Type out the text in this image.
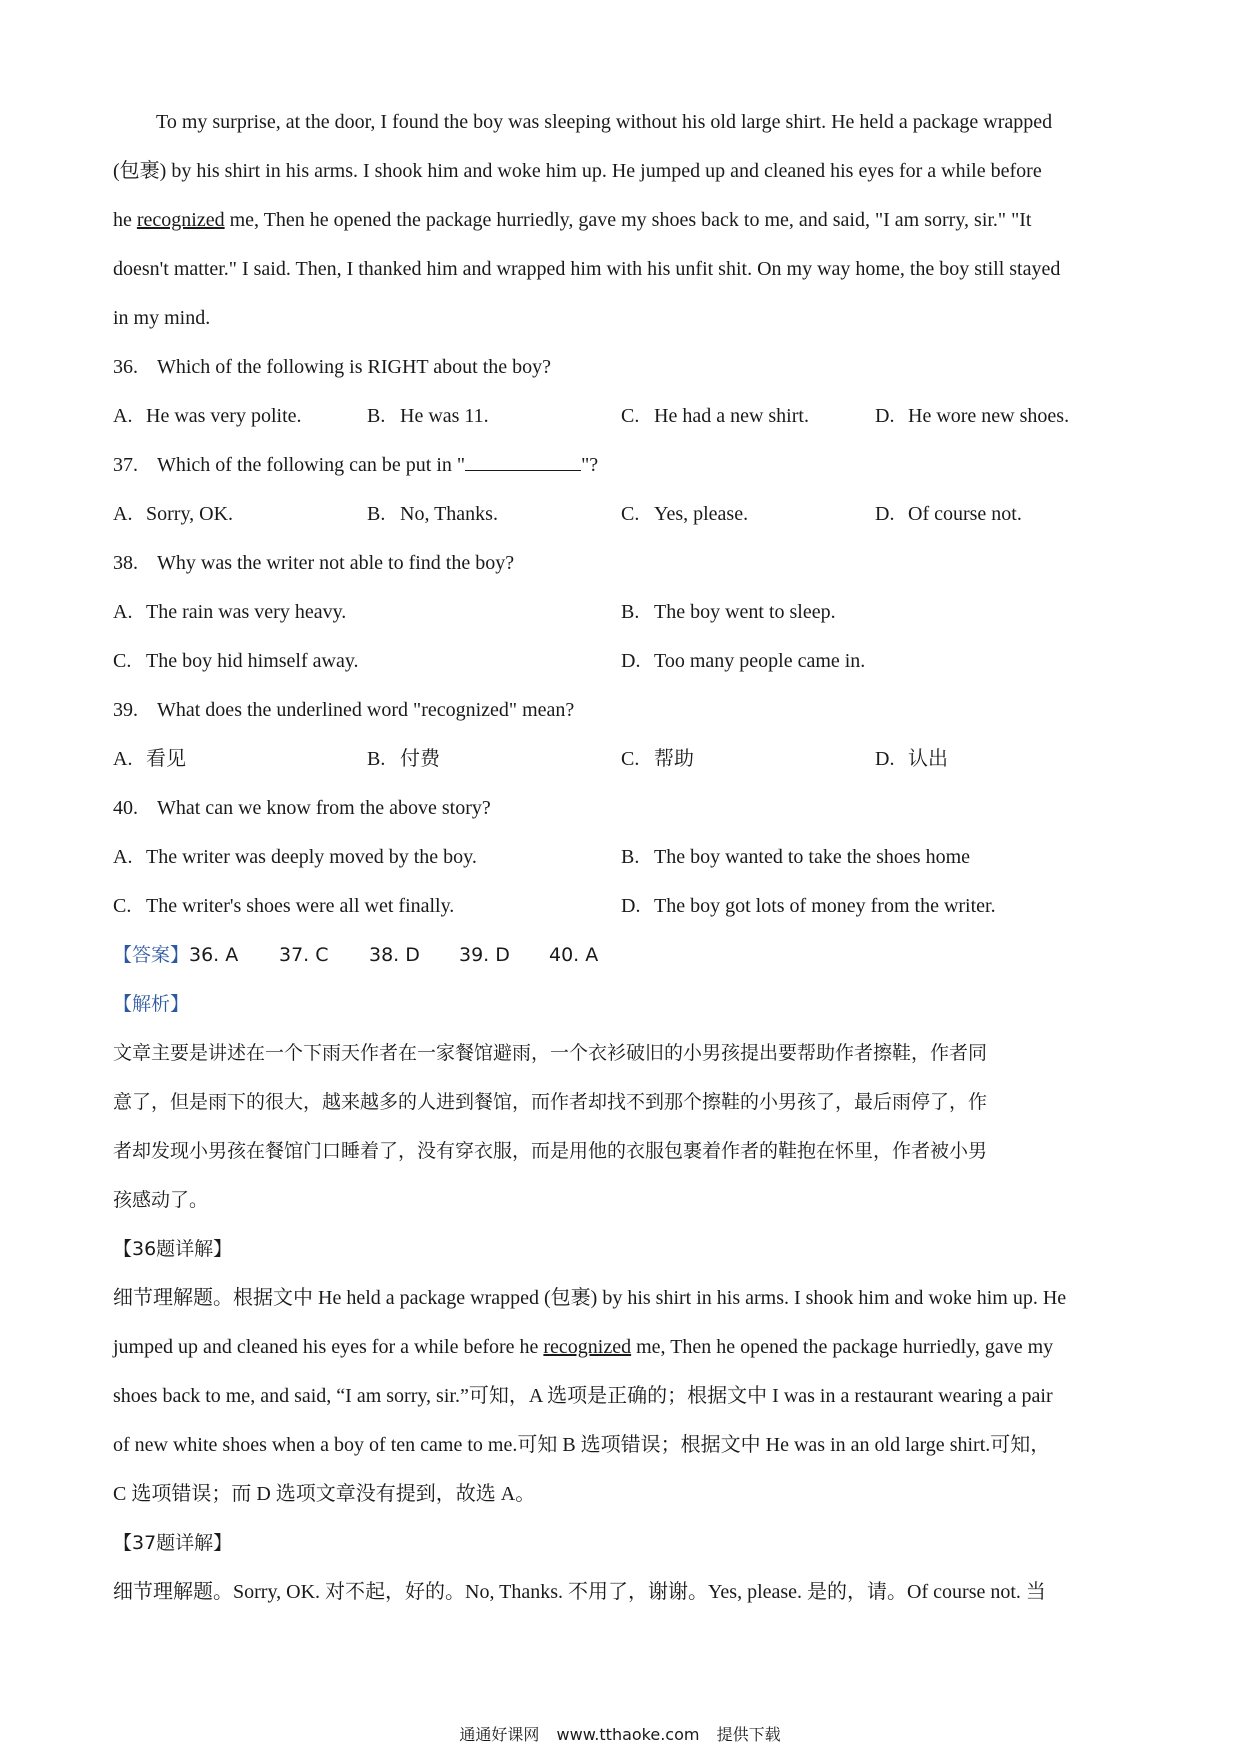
To my surprise, at the door, I found the boy was sleeping without his old large shirt. He held a package wrapped
(包裹) by his shirt in his arms. I shook him and woke him up. He jumped up and cleaned his eyes for a while before
he recognized me, Then he opened the package hurriedly, gave my shoes back to me, and said, "I am sorry, sir." "It
doesn't matter." I said. Then, I thanked him and wrapped him with his unfit shit. On my way home, the boy still stayed
in my mind.

36. Which of the following is RIGHT about the boy?
A. He was very polite.	B. He was 11.	C. He had a new shirt.	D. He wore new shoes.
37. Which of the following can be put in "	"?
A. Sorry, OK.	B. No, Thanks.	C. Yes, please.	D. Of course not.
38. Why was the writer not able to find the boy?
A. The rain was very heavy.	B. The boy went to sleep.
C. The boy hid himself away.	D. Too many people came in.
39. What does the underlined word "recognized" mean?
A. 看见	B. 付费	C. 帮助	D. 认出
40. What can we know from the above story?
A. The writer was deeply moved by the boy.	B. The boy wanted to take the shoes home
C. The writer's shoes were all wet finally.	D. The boy got lots of money from the writer.
【答案】 36. A 37. C 38. D 39. D 40. A
【解析】
文章主要是讲述在一个下雨天作者在一家餐馆避雨，一个衣衫破旧的小男孩提出要帮助作者擦鞋，作者同
意了，但是雨下的很大，越来越多的人进到餐馆，而作者却找不到那个擦鞋的小男孩了，最后雨停了，作
者却发现小男孩在餐馆门口睡着了，没有穿衣服，而是用他的衣服包裹着作者的鞋抱在怀里，作者被小男
孩感动了。
【36题详解】
细节理解题。根据文中 He held a package wrapped (包裹) by his shirt in his arms. I shook him and woke him up. He
jumped up and cleaned his eyes for a while before he recognized me, Then he opened the package hurriedly, gave my
shoes back to me, and said, “I am sorry, sir.”可知，A 选项是正确的；根据文中 I was in a restaurant wearing a pair
of new white shoes when a boy of ten came to me.可知 B 选项错误；根据文中 He was in an old large shirt.可知，
C 选项错误；而 D 选项文章没有提到，故选 A。
【37题详解】
细节理解题。Sorry, OK. 对不起，好的。No, Thanks. 不用了，谢谢。Yes, please. 是的，请。Of course not. 当
通通好课网 www.tthaoke.com 提供下载
